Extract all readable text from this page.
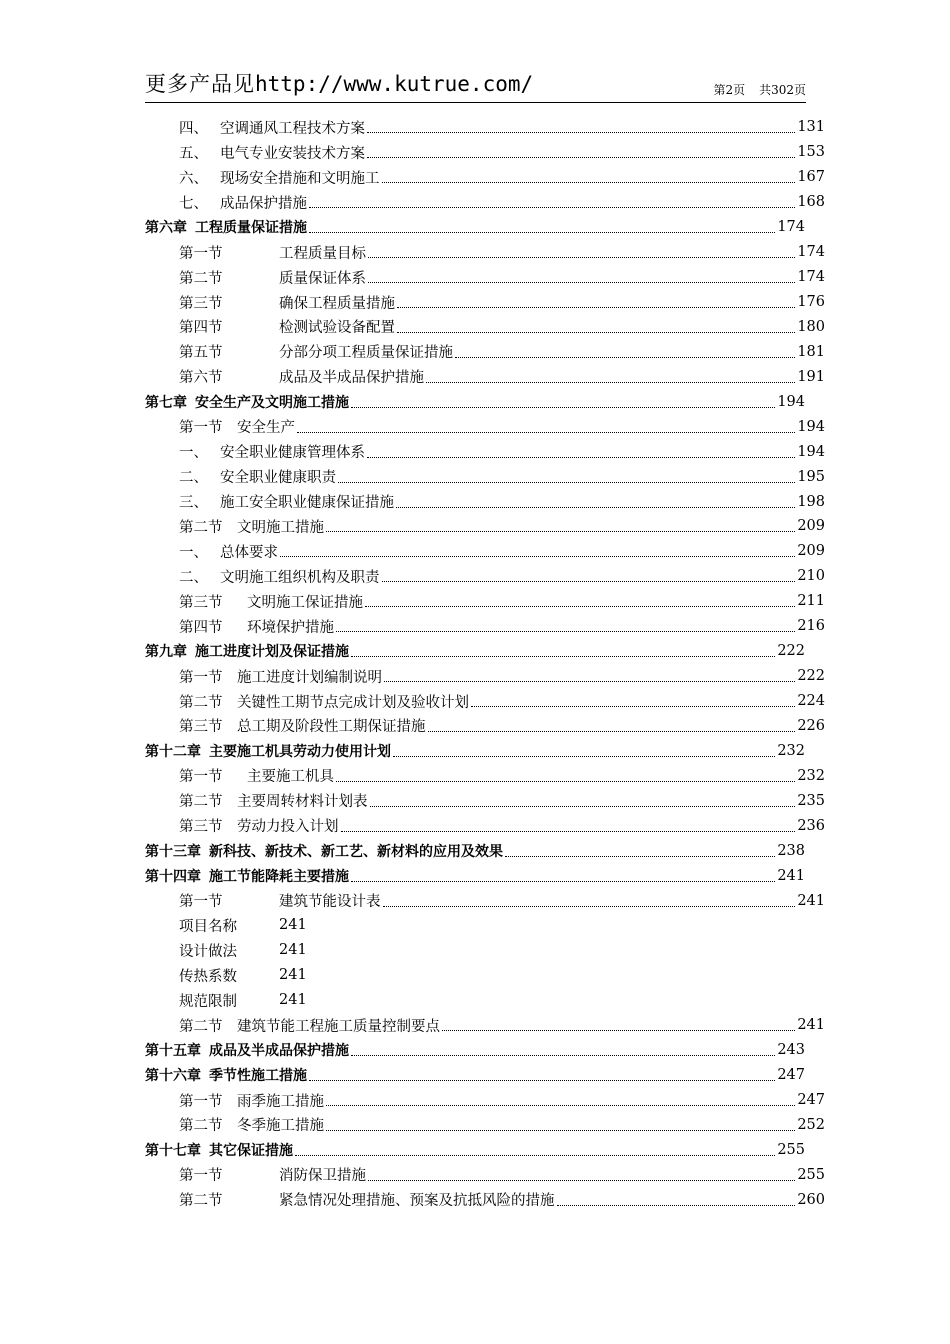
更多产品见http://www.kutrue.com/	第2页 共302页
四、 空调通风工程技术方案	131
五、 电气专业安装技术方案	153
六、 现场安全措施和文明施工	167
七、 成品保护措施	168
第六章 工程质量保证措施	174
第一节	工程质量目标	174
第二节	质量保证体系	174
第三节	确保工程质量措施	176
第四节	检测试验设备配置	180
第五节	分部分项工程质量保证措施	181
第六节	成品及半成品保护措施	191
第七章 安全生产及文明施工措施	194
第一节	安全生产	194
一、 安全职业健康管理体系	194
二、 安全职业健康职责	195
三、 施工安全职业健康保证措施	198
第二节	文明施工措施	209
一、 总体要求	209
二、 文明施工组织机构及职责	210
第三节	文明施工保证措施	211
第四节	环境保护措施	216
第九章 施工进度计划及保证措施	222
第一节	施工进度计划编制说明	222
第二节	关键性工期节点完成计划及验收计划	224
第三节	总工期及阶段性工期保证措施	226
第十二章 主要施工机具劳动力使用计划	232
第一节	主要施工机具	232
第二节	主要周转材料计划表	235
第三节	劳动力投入计划	236
第十三章 新科技、新技术、新工艺、新材料的应用及效果	238
第十四章 施工节能降耗主要措施	241
第一节	建筑节能设计表	241
项目名称	241
设计做法	241
传热系数	241
规范限制	241
第二节	建筑节能工程施工质量控制要点	241
第十五章 成品及半成品保护措施	243
第十六章 季节性施工措施	247
第一节	雨季施工措施	247
第二节	冬季施工措施	252
第十七章 其它保证措施	255
第一节	消防保卫措施	255
第二节	紧急情况处理措施、预案及抗抵风险的措施	260
